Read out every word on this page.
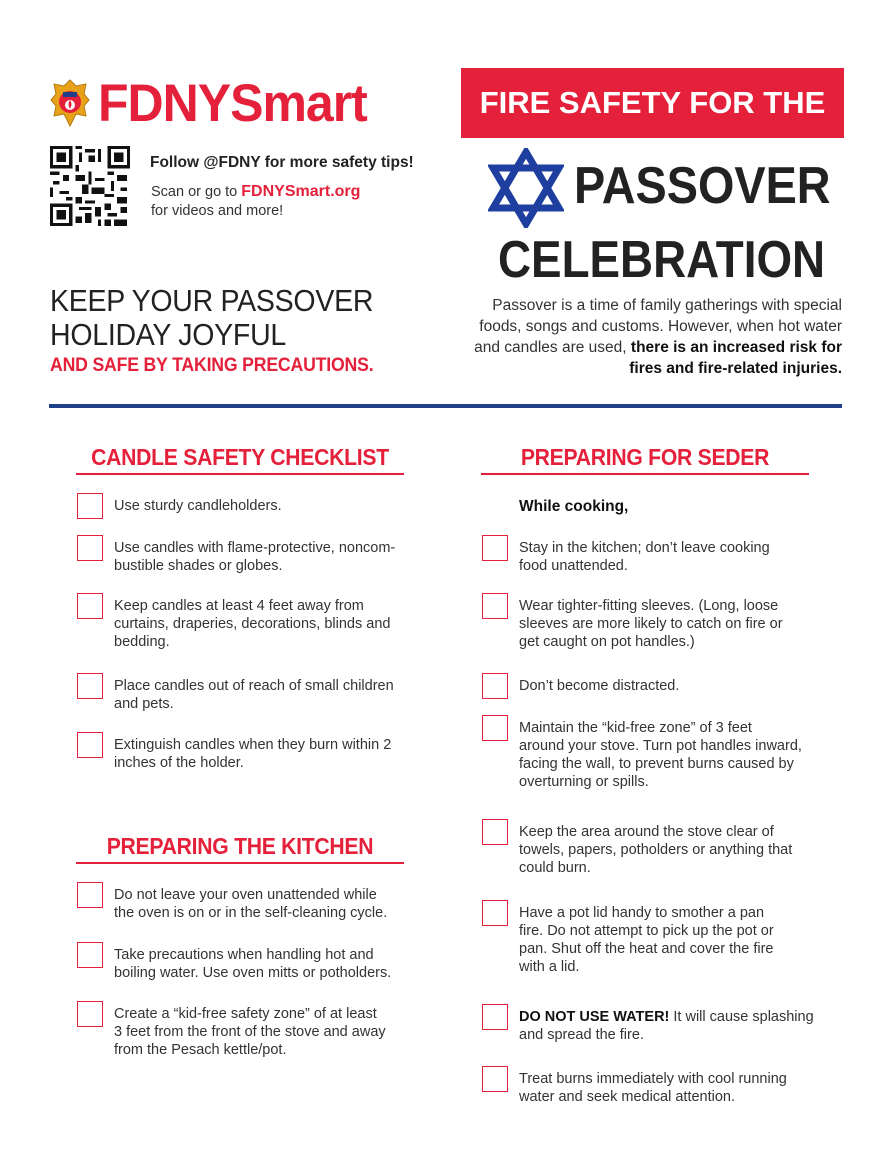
FDNYSmart
Follow @FDNY for more safety tips!
Scan or go to FDNYSmart.org
for videos and more!
KEEP YOUR PASSOVER
HOLIDAY JOYFUL
AND SAFE BY TAKING PRECAUTIONS.
FIRE SAFETY FOR THE
PASSOVER
CELEBRATION
Passover is a time of family gatherings with special foods, songs and customs. However, when hot water and candles are used, there is an increased risk for fires and fire-related injuries.
CANDLE SAFETY CHECKLIST
Use sturdy candleholders.
Use candles with flame-protective, noncom-
bustible shades or globes.
Keep candles at least 4 feet away from
curtains, draperies, decorations, blinds and
bedding.
Place candles out of reach of small children
and pets.
Extinguish candles when they burn within 2
inches of the holder.
PREPARING THE KITCHEN
Do not leave your oven unattended while
the oven is on or in the self-cleaning cycle.
Take precautions when handling hot and
boiling water. Use oven mitts or potholders.
Create a “kid-free safety zone” of at least
3 feet from the front of the stove and away
from the Pesach kettle/pot.
PREPARING FOR SEDER
While cooking,
Stay in the kitchen; don’t leave cooking
food unattended.
Wear tighter-fitting sleeves. (Long, loose
sleeves are more likely to catch on fire or
get caught on pot handles.)
Don’t become distracted.
Maintain the “kid-free zone” of 3 feet
around your stove. Turn pot handles inward,
facing the wall, to prevent burns caused by
overturning or spills.
Keep the area around the stove clear of
towels, papers, potholders or anything that
could burn.
Have a pot lid handy to smother a pan
fire. Do not attempt to pick up the pot or
pan. Shut off the heat and cover the fire
with a lid.
DO NOT USE WATER! It will cause splashing
and spread the fire.
Treat burns immediately with cool running
water and seek medical attention.
